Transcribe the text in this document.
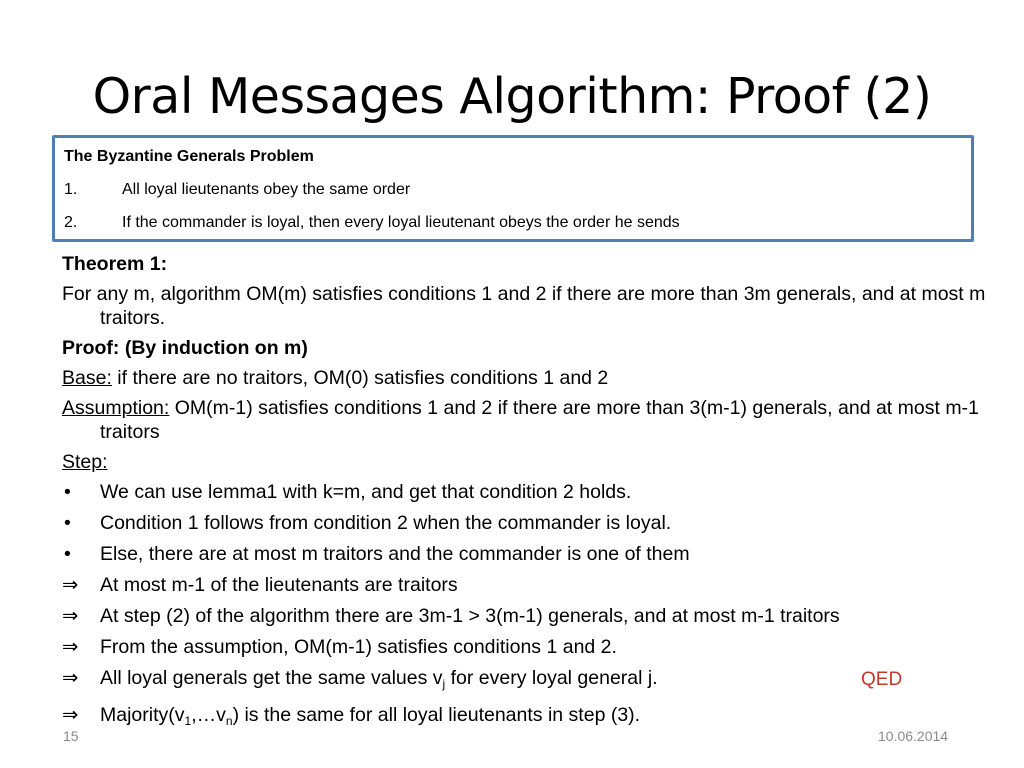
Oral Messages Algorithm: Proof (2)
The Byzantine Generals Problem
1.	All loyal lieutenants obey the same order
2.	If the commander is loyal, then every loyal lieutenant obeys the order he sends
Theorem 1:
For any m, algorithm OM(m) satisfies conditions 1 and 2 if there are more than 3m generals, and at most m traitors.
Proof: (By induction on m)
Base: if there are no traitors, OM(0) satisfies conditions 1 and 2
Assumption: OM(m-1) satisfies conditions 1 and 2 if there are more than 3(m-1) generals, and at most m-1 traitors
Step:
•	We can use lemma1 with k=m, and get that condition 2 holds.
•	Condition 1 follows from condition 2 when the commander is loyal.
•	Else, there are at most m traitors and the commander is one of them
⇒	At most m-1 of the lieutenants are traitors
⇒	At step (2) of the algorithm there are 3m-1 > 3(m-1) generals, and at most m-1 traitors
⇒	From the assumption, OM(m-1) satisfies conditions 1 and 2.
⇒	All loyal generals get the same values $v_j$ for every loyal general j.
⇒	$Majority(v_1,\dots v_n)$ is the same for all loyal lieutenants in step (3).
QED
15	10.06.2014
